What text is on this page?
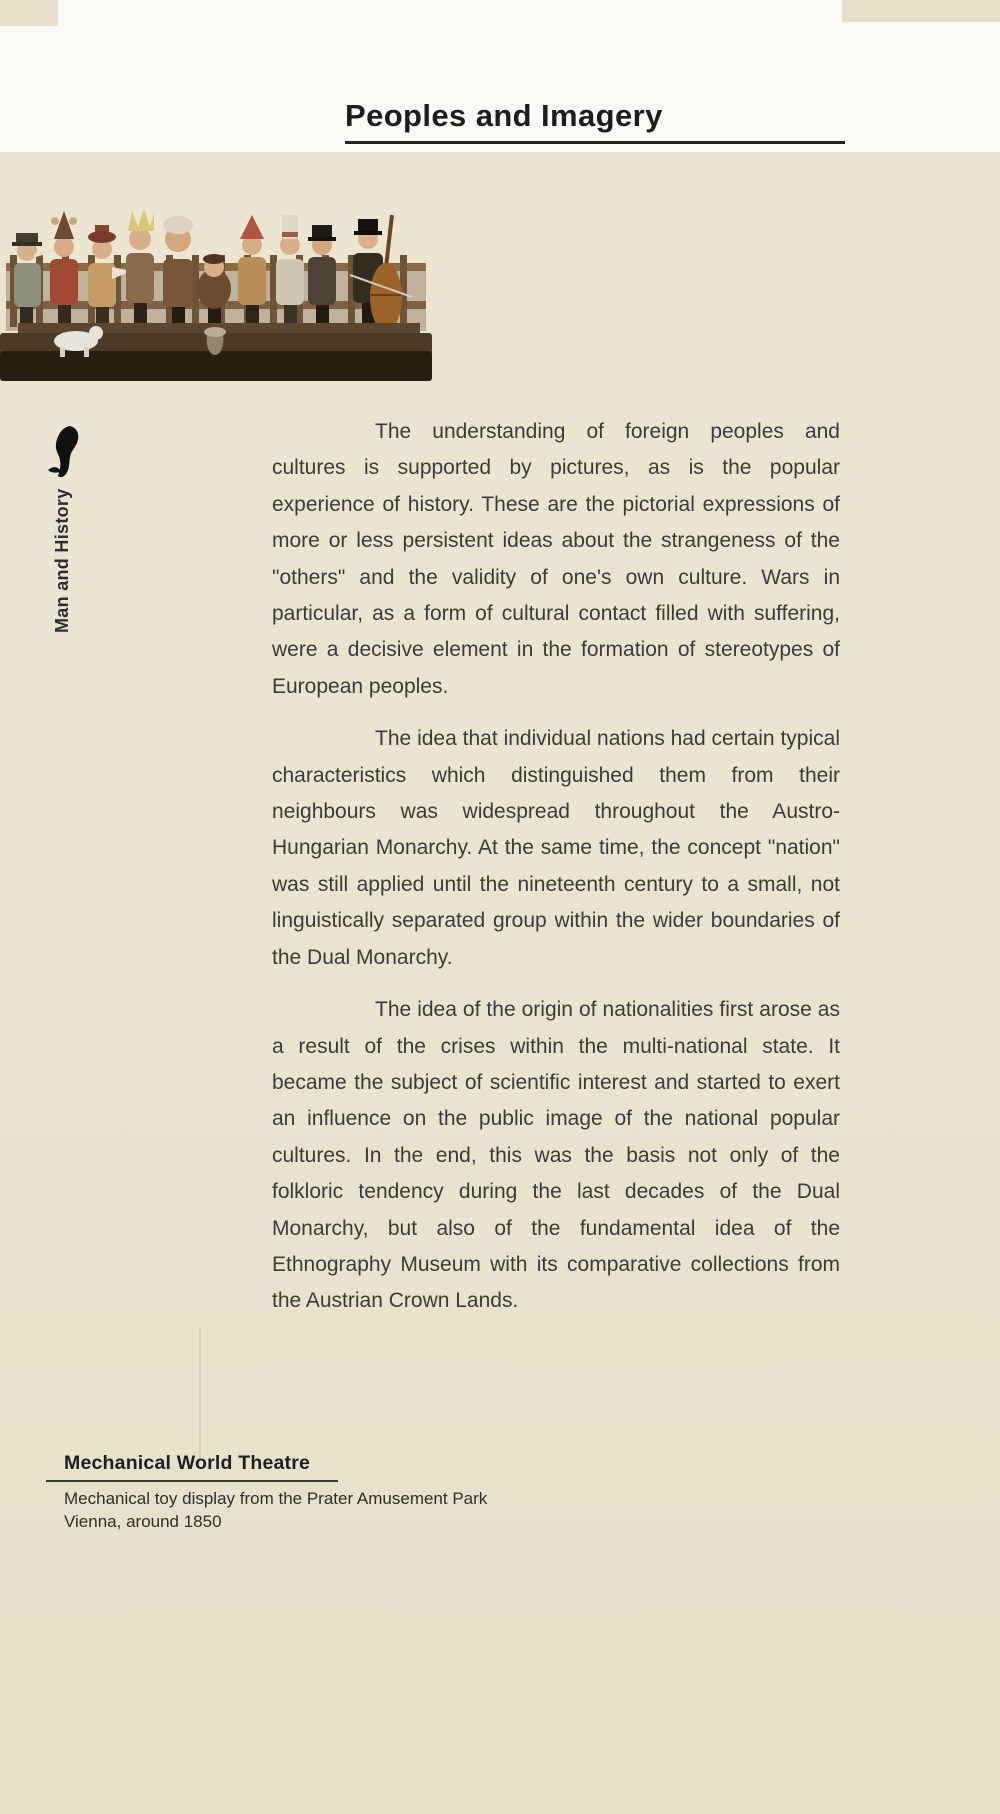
Peoples and Imagery
Man and History

The understanding of foreign peoples and cultures is supported by pictures, as is the popular experience of history. These are the pictorial expressions of more or less persistent ideas about the strangeness of the "others" and the validity of one's own culture. Wars in particular, as a form of cultural contact filled with suffering, were a decisive element in the formation of stereotypes of European peoples.

The idea that individual nations had certain typical characteristics which distinguished them from their neighbours was widespread throughout the Austro-Hungarian Monarchy. At the same time, the concept "nation" was still applied until the nineteenth century to a small, not linguistically separated group within the wider boundaries of the Dual Monarchy.

The idea of the origin of nationalities first arose as a result of the crises within the multi-national state. It became the subject of scientific interest and started to exert an influence on the public image of the national popular cultures. In the end, this was the basis not only of the folkloric tendency during the last decades of the Dual Monarchy, but also of the fundamental idea of the Ethnography Museum with its comparative collections from the Austrian Crown Lands.

Mechanical World Theatre
Mechanical toy display from the Prater Amusement Park
Vienna, around 1850
